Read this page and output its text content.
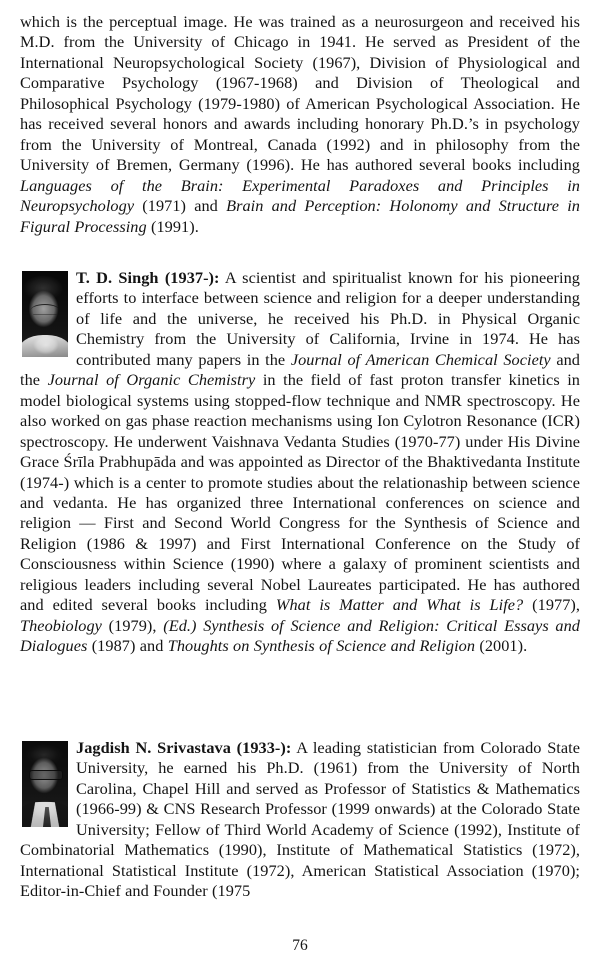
which is the perceptual image. He was trained as a neurosurgeon and received his M.D. from the University of Chicago in 1941. He served as President of the International Neuropsychological Society (1967), Division of Physiological and Comparative Psychology (1967-1968) and Division of Theological and Philosophical Psychology (1979-1980) of American Psychological Association. He has received several honors and awards including honorary Ph.D.’s in psychology from the University of Montreal, Canada (1992) and in philosophy from the University of Bremen, Germany (1996). He has authored several books including Languages of the Brain: Experimental Paradoxes and Principles in Neuropsychology (1971) and Brain and Perception: Holonomy and Structure in Figural Processing (1991).

T. D. Singh (1937-): A scientist and spiritualist known for his pioneering efforts to interface between science and religion for a deeper understanding of life and the universe, he received his Ph.D. in Physical Organic Chemistry from the University of California, Irvine in 1974. He has contributed many papers in the Journal of American Chemical Society and the Journal of Organic Chemistry in the field of fast proton transfer kinetics in model biological systems using stopped-flow technique and NMR spectroscopy. He also worked on gas phase reaction mechanisms using Ion Cylotron Resonance (ICR) spectroscopy. He underwent Vaishnava Vedanta Studies (1970-77) under His Divine Grace Śrīla Prabhupāda and was appointed as Director of the Bhaktivedanta Institute (1974-) which is a center to promote studies about the relationaship between science and vedanta. He has organized three International conferences on science and religion — First and Second World Congress for the Synthesis of Science and Religion (1986 & 1997) and First International Conference on the Study of Consciousness within Science (1990) where a galaxy of prominent scientists and religious leaders including several Nobel Laureates participated. He has authored and edited several books including What is Matter and What is Life? (1977), Theobiology (1979), (Ed.) Synthesis of Science and Religion: Critical Essays and Dialogues (1987) and Thoughts on Synthesis of Science and Religion (2001).

Jagdish N. Srivastava (1933-): A leading statistician from Colorado State University, he earned his Ph.D. (1961) from the University of North Carolina, Chapel Hill and served as Professor of Statistics & Mathematics (1966-99) & CNS Research Professor (1999 onwards) at the Colorado State University; Fellow of Third World Academy of Science (1992), Institute of Combinatorial Mathematics (1990), Institute of Mathematical Statistics (1972), International Statistical Institute (1972), American Statistical Association (1970); Editor-in-Chief and Founder (1975

76
